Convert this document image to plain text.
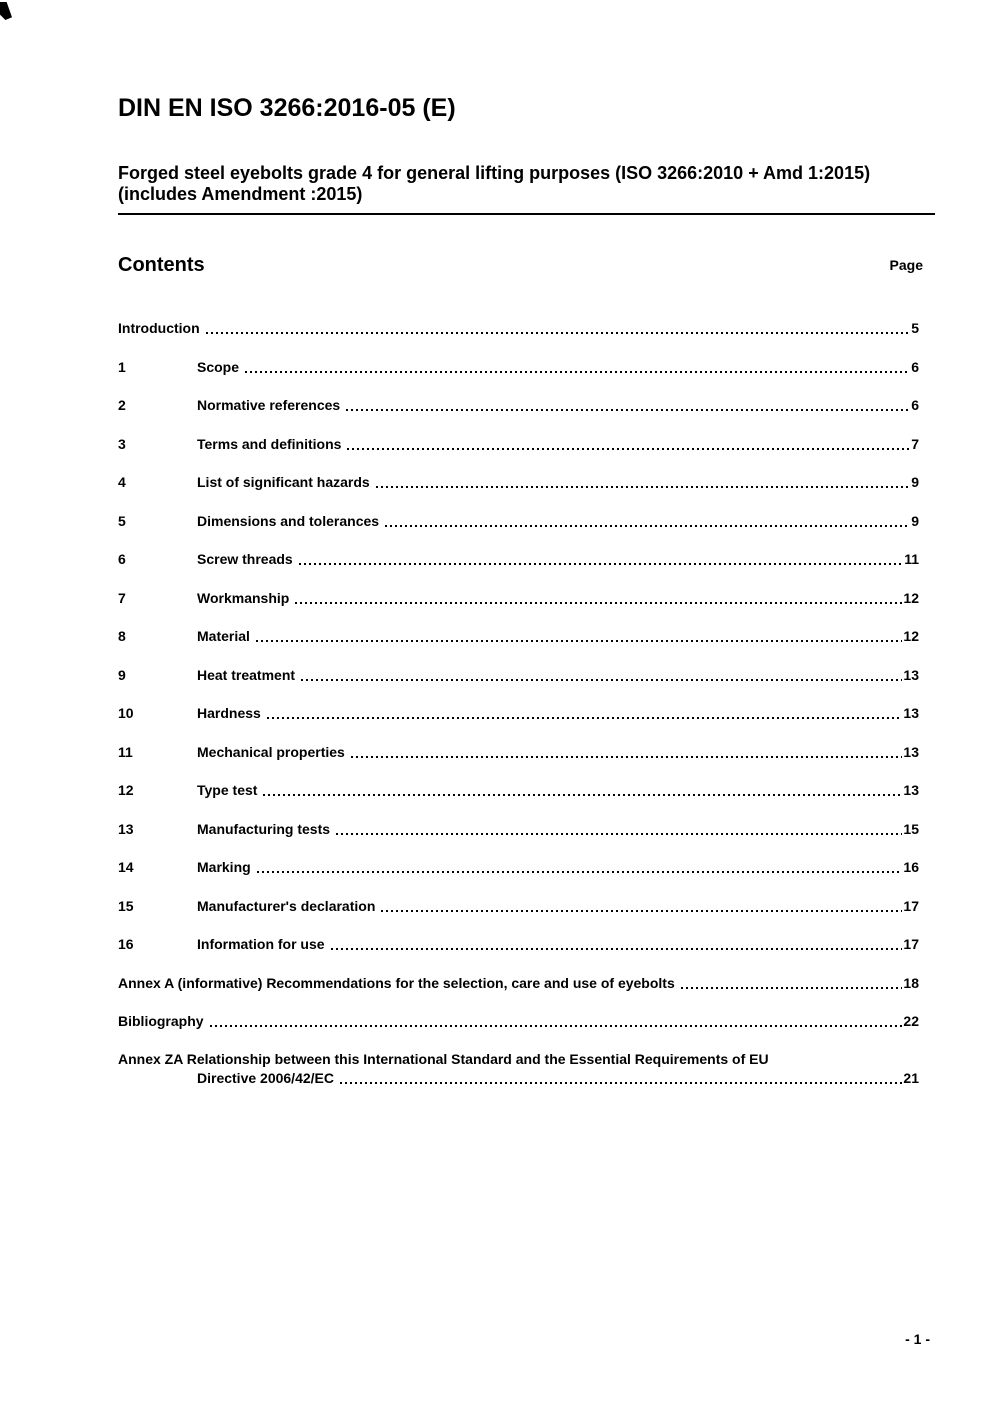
DIN EN ISO 3266:2016-05 (E)
Forged steel eyebolts grade 4 for general lifting purposes (ISO 3266:2010 + Amd 1:2015) (includes Amendment :2015)
Contents	Page
Introduction	5
1	Scope	6
2	Normative references	6
3	Terms and definitions	7
4	List of significant hazards	9
5	Dimensions and tolerances	9
6	Screw threads	11
7	Workmanship	12
8	Material	12
9	Heat treatment	13
10	Hardness	13
11	Mechanical properties	13
12	Type test	13
13	Manufacturing tests	15
14	Marking	16
15	Manufacturer's declaration	17
16	Information for use	17
Annex A (informative) Recommendations for the selection, care and use of eyebolts	18
Bibliography	22
Annex ZA Relationship between this International Standard and the Essential Requirements of EU
Directive 2006/42/EC	21
- 1 -
